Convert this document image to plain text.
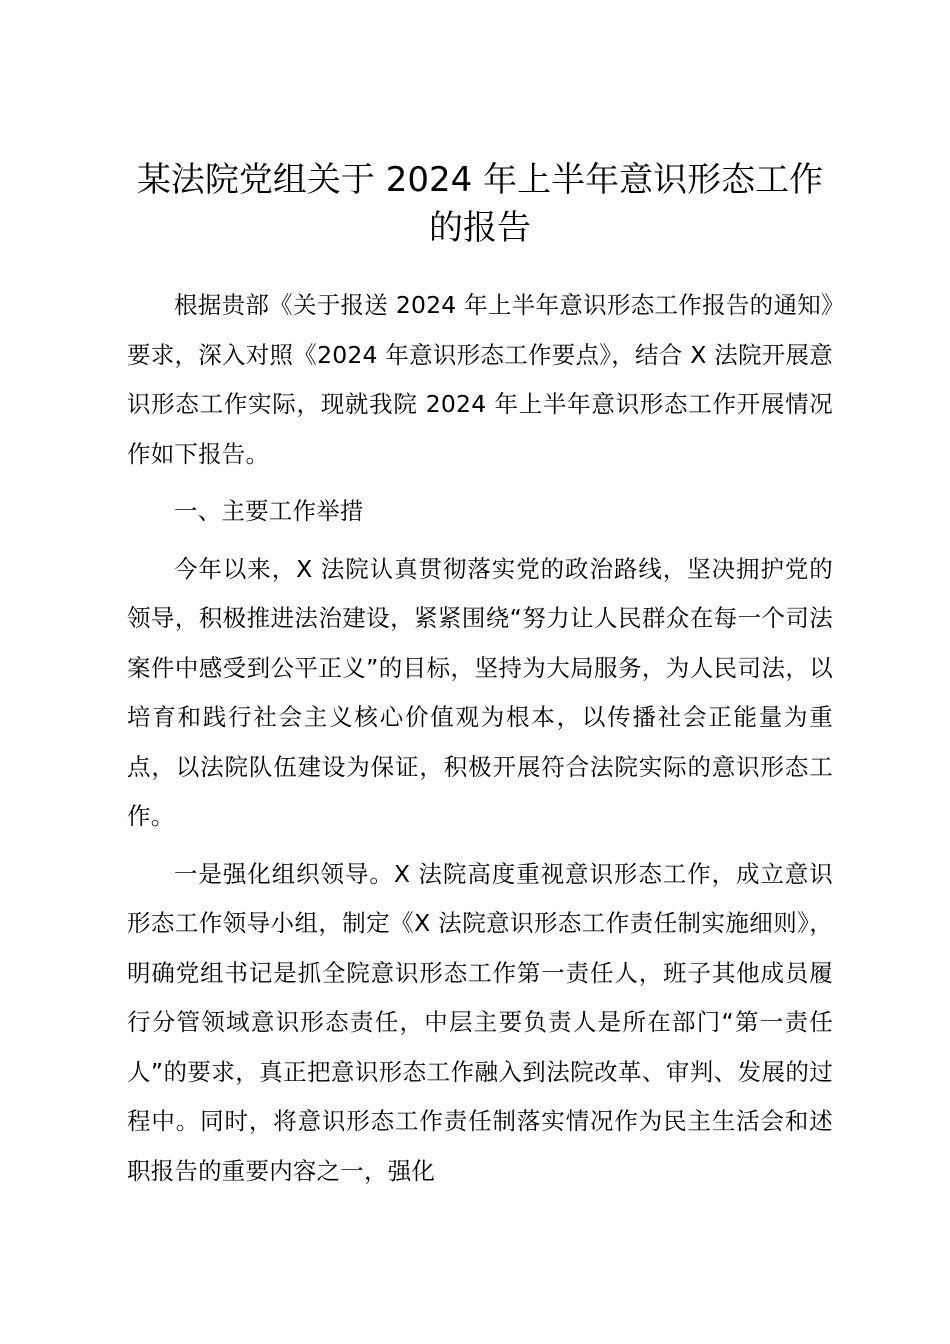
某法院党组关于 2024 年上半年意识形态工作
的报告

根据贵部《关于报送 2024 年上半年意识形态工作报告的通知》要求，深入对照《2024 年意识形态工作要点》，结合 X 法院开展意识形态工作实际，现就我院 2024 年上半年意识形态工作开展情况作如下报告。

一、主要工作举措

今年以来，X 法院认真贯彻落实党的政治路线，坚决拥护党的领导，积极推进法治建设，紧紧围绕“努力让人民群众在每一个司法案件中感受到公平正义”的目标，坚持为大局服务，为人民司法，以培育和践行社会主义核心价值观为根本，以传播社会正能量为重点，以法院队伍建设为保证，积极开展符合法院实际的意识形态工作。

一是强化组织领导。X 法院高度重视意识形态工作，成立意识形态工作领导小组，制定《X 法院意识形态工作责任制实施细则》，明确党组书记是抓全院意识形态工作第一责任人，班子其他成员履行分管领域意识形态责任，中层主要负责人是所在部门“第一责任人”的要求，真正把意识形态工作融入到法院改革、审判、发展的过程中。同时，将意识形态工作责任制落实情况作为民主生活会和述职报告的重要内容之一，强化
